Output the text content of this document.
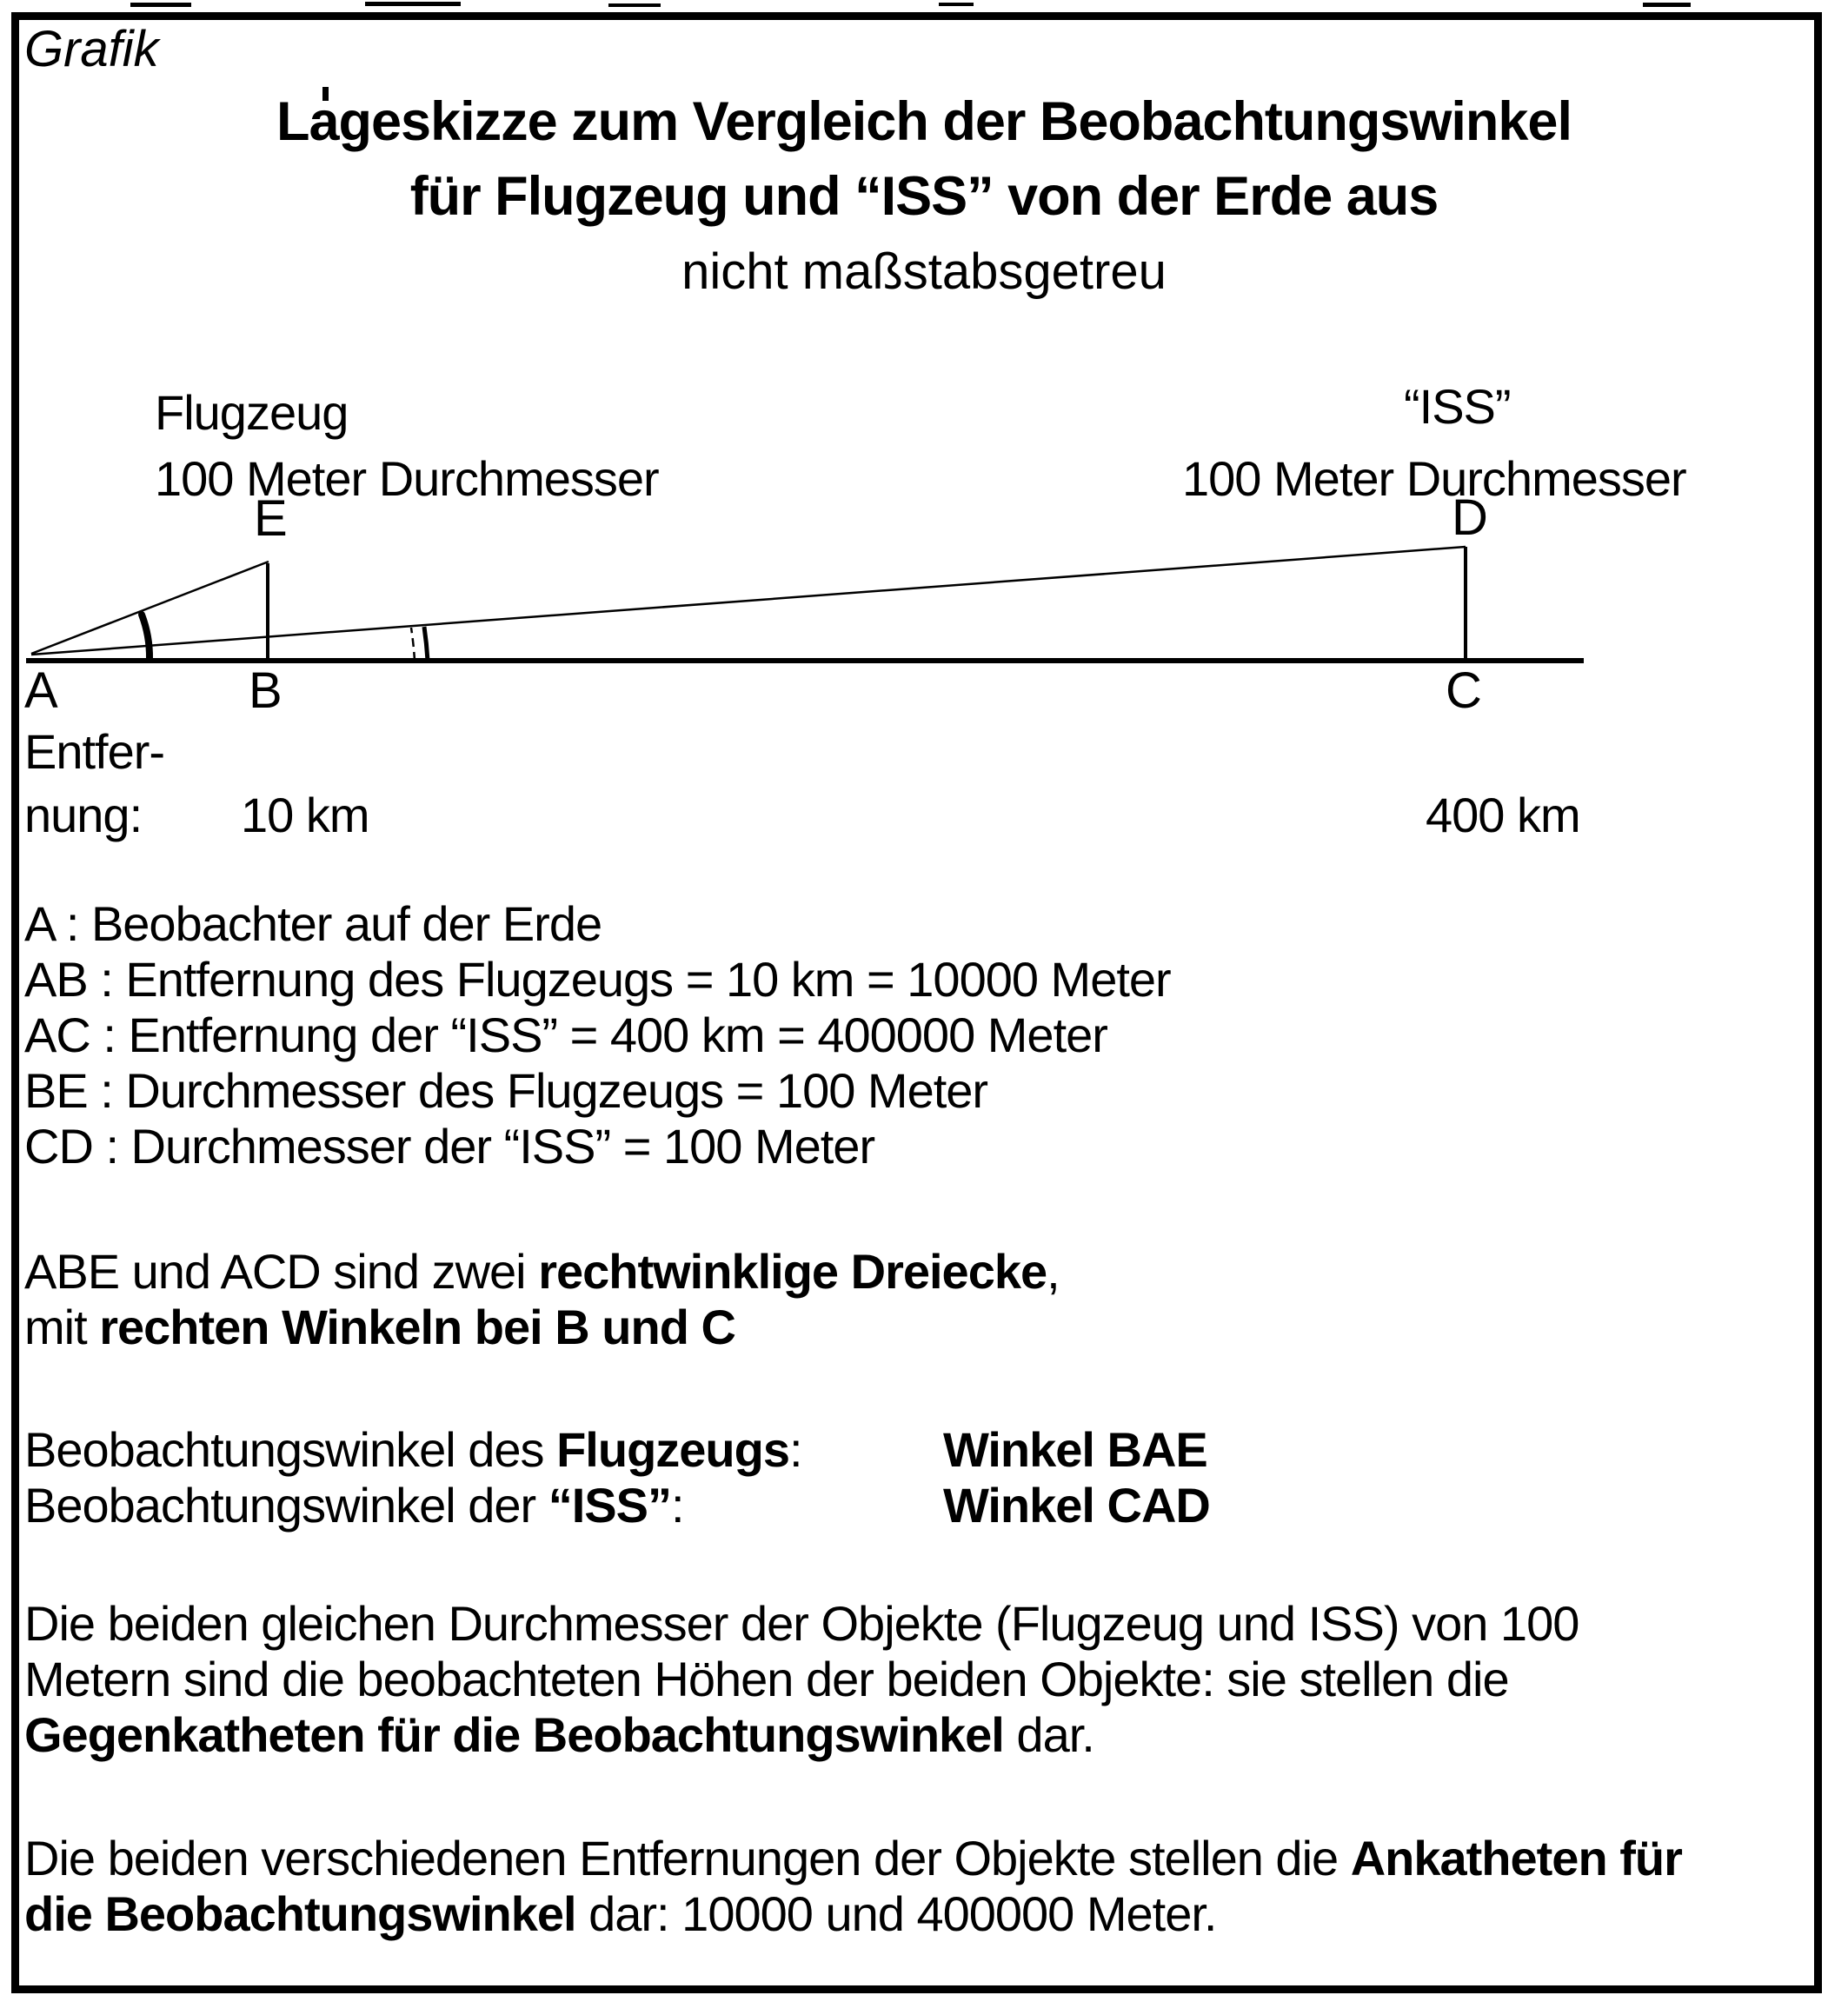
Grafik
Lageskizze zum Vergleich der Beobachtungswinkel
für Flugzeug und “ISS” von der Erde aus
nicht maßstabsgetreu
Flugzeug
100 Meter Durchmesser
“ISS”
100 Meter Durchmesser
E	D
A	B	C
Entfer-
nung: 10 km	400 km
A : Beobachter auf der Erde
AB : Entfernung des Flugzeugs = 10 km = 10000 Meter
AC : Entfernung der “ISS” = 400 km = 400000 Meter
BE : Durchmesser des Flugzeugs = 100 Meter
CD : Durchmesser der “ISS” = 100 Meter
ABE und ACD sind zwei rechtwinklige Dreiecke,
mit rechten Winkeln bei B und C
Beobachtungswinkel des Flugzeugs:	Winkel BAE
Beobachtungswinkel der “ISS”:	Winkel CAD
Die beiden gleichen Durchmesser der Objekte (Flugzeug und ISS) von 100
Metern sind die beobachteten Höhen der beiden Objekte: sie stellen die
Gegenkatheten für die Beobachtungswinkel dar.
Die beiden verschiedenen Entfernungen der Objekte stellen die Ankatheten für
die Beobachtungswinkel dar: 10000 und 400000 Meter.
